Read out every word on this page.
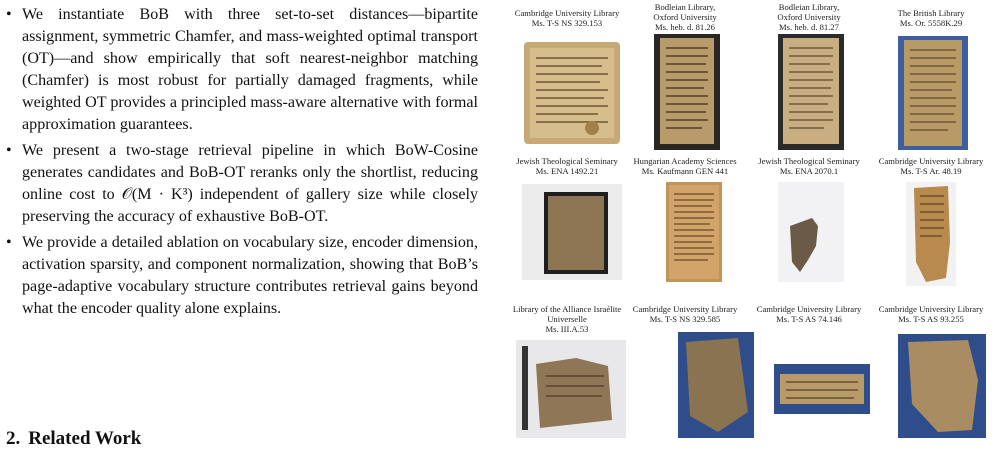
• We instantiate BoB with three set-to-set distances—bipartite assignment, symmetric Chamfer, and mass-weighted optimal transport (OT)—and show empirically that soft nearest-neighbor matching (Chamfer) is most robust for partially damaged fragments, while weighted OT provides a principled mass-aware alternative with formal approximation guarantees.
• We present a two-stage retrieval pipeline in which BoW-Cosine generates candidates and BoB-OT reranks only the shortlist, reducing online cost to 𝒪(M · K³) independent of gallery size while closely preserving the accuracy of exhaustive BoB-OT.
• We provide a detailed ablation on vocabulary size, encoder dimension, activation sparsity, and component normalization, showing that BoB’s page-adaptive vocabulary structure contributes retrieval gains beyond what the encoder quality alone explains.
2. Related Work
Cambridge University Library
Ms. T-S NS 329.153
Bodleian Library,
Oxford University
Ms. heb. d. 81.26
Bodleian Library,
Oxford University
Ms. heb. d. 81.27
The British Library
Ms. Or. 5558K.29
Jewish Theological Seminary
Ms. ENA 1492.21
Hungarian Academy Sciences
Ms. Kaufmann GEN 441
Jewish Theological Seminary
Ms. ENA 2070.1
Cambridge University Library
Ms. T-S Ar. 48.19
Library of the Alliance Israélite
Universelle
Ms. III.A.53
Cambridge University Library
Ms. T-S NS 329.585
Cambridge University Library
Ms. T-S AS 74.146
Cambridge University Library
Ms. T-S AS 93.255
